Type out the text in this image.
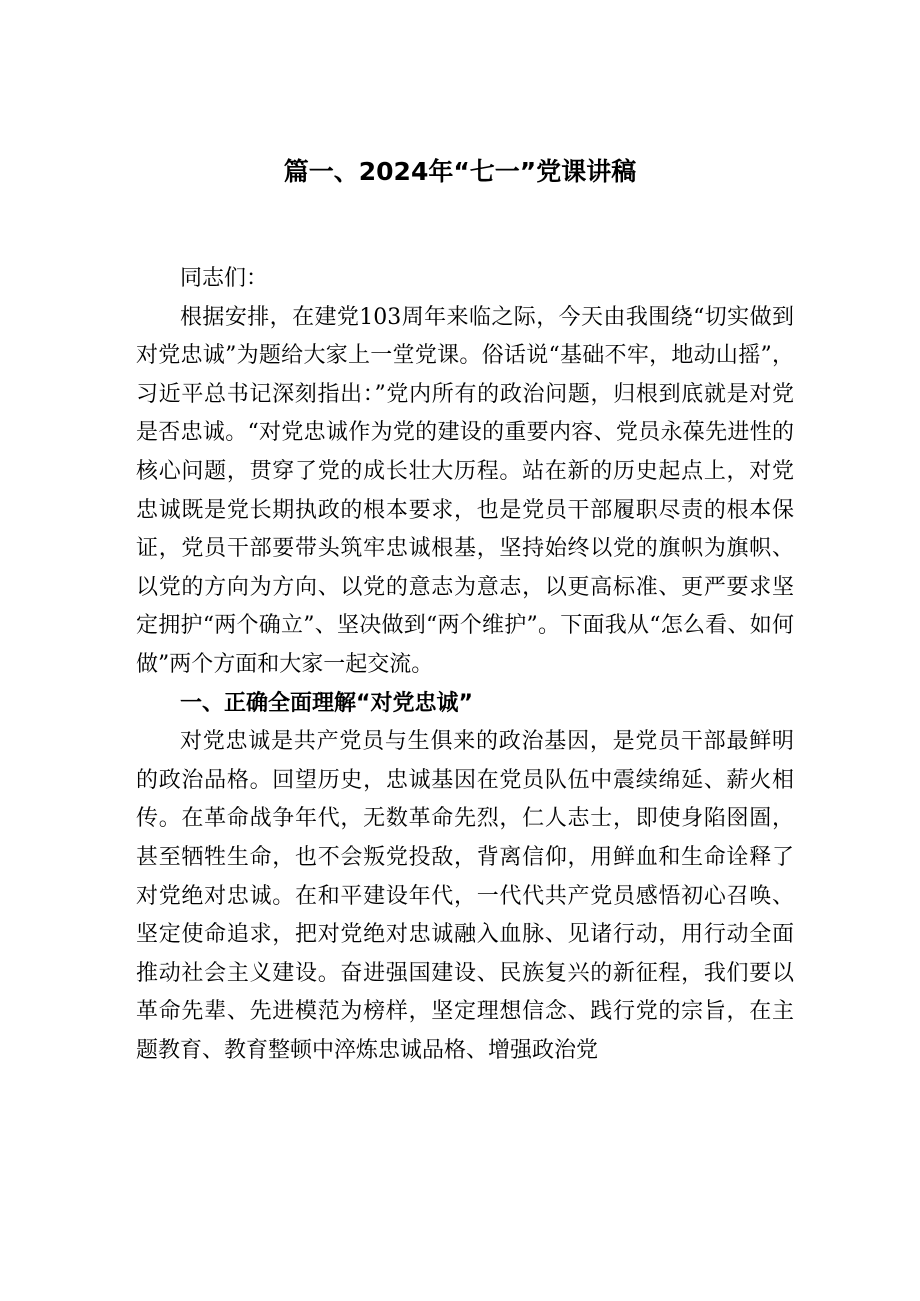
篇一、2024年“七一”党课讲稿

同志们：

根据安排，在建党103周年来临之际，今天由我围绕“切实做到对党忠诚”为题给大家上一堂党课。俗话说“基础不牢，地动山摇”，习近平总书记深刻指出：”党内所有的政治问题，归根到底就是对党是否忠诚。“对党忠诚作为党的建设的重要内容、党员永葆先进性的核心问题，贯穿了党的成长壮大历程。站在新的历史起点上，对党忠诚既是党长期执政的根本要求，也是党员干部履职尽责的根本保证，党员干部要带头筑牢忠诚根基，坚持始终以党的旗帜为旗帜、以党的方向为方向、以党的意志为意志，以更高标准、更严要求坚定拥护“两个确立”、坚决做到“两个维护”。下面我从“怎么看、如何做”两个方面和大家一起交流。

一、正确全面理解“对党忠诚”

对党忠诚是共产党员与生俱来的政治基因，是党员干部最鲜明的政治品格。回望历史，忠诚基因在党员队伍中震续绵延、薪火相传。在革命战争年代，无数革命先烈，仁人志士，即使身陷囹圄，甚至牺牲生命，也不会叛党投敌，背离信仰，用鲜血和生命诠释了对党绝对忠诚。在和平建设年代，一代代共产党员感悟初心召唤、坚定使命追求，把对党绝对忠诚融入血脉、见诸行动，用行动全面推动社会主义建设。奋进强国建设、民族复兴的新征程，我们要以革命先辈、先进模范为榜样，坚定理想信念、践行党的宗旨，在主题教育、教育整顿中淬炼忠诚品格、增强政治党
